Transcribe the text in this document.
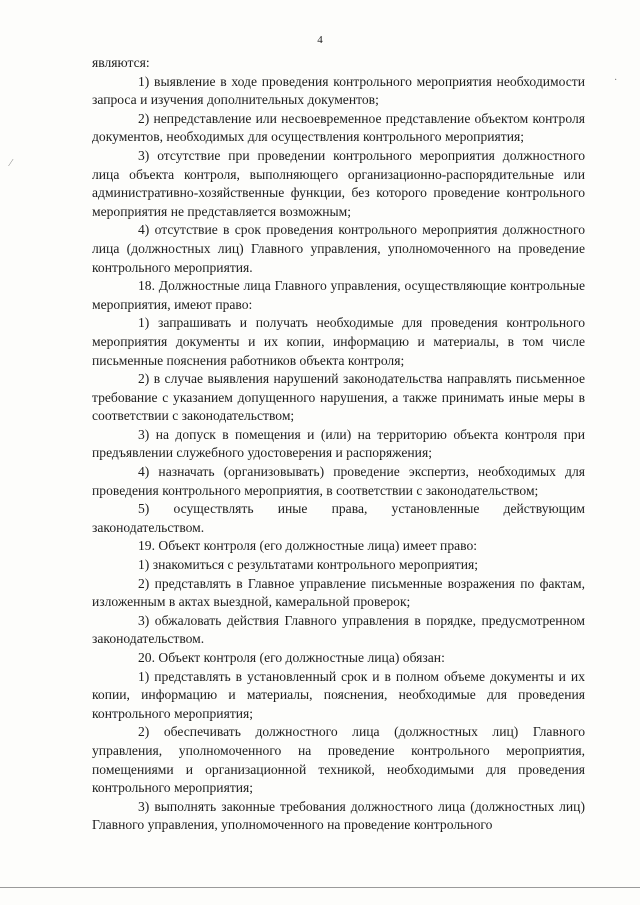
4

являются:

1) выявление в ходе проведения контрольного мероприятия необходимости запроса и изучения дополнительных документов;

2) непредставление или несвоевременное представление объектом контроля документов, необходимых для осуществления контрольного мероприятия;

3) отсутствие при проведении контрольного мероприятия должностного лица объекта контроля, выполняющего организационно-распорядительные или административно-хозяйственные функции, без которого проведение контрольного мероприятия не представляется возможным;

4) отсутствие в срок проведения контрольного мероприятия должностного лица (должностных лиц) Главного управления, уполномоченного на проведение контрольного мероприятия.

18. Должностные лица Главного управления, осуществляющие контрольные мероприятия, имеют право:

1) запрашивать и получать необходимые для проведения контрольного мероприятия документы и их копии, информацию и материалы, в том числе письменные пояснения работников объекта контроля;

2) в случае выявления нарушений законодательства направлять письменное требование с указанием допущенного нарушения, а также принимать иные меры в соответствии с законодательством;

3) на допуск в помещения и (или) на территорию объекта контроля при предъявлении служебного удостоверения и распоряжения;

4) назначать (организовывать) проведение экспертиз, необходимых для проведения контрольного мероприятия, в соответствии с законодательством;

5) осуществлять иные права, установленные действующим законодательством.

19. Объект контроля (его должностные лица) имеет право:

1) знакомиться с результатами контрольного мероприятия;

2) представлять в Главное управление письменные возражения по фактам, изложенным в актах выездной, камеральной проверок;

3) обжаловать действия Главного управления в порядке, предусмотренном законодательством.

20. Объект контроля (его должностные лица) обязан:

1) представлять в установленный срок и в полном объеме документы и их копии, информацию и материалы, пояснения, необходимые для проведения контрольного мероприятия;

2) обеспечивать должностного лица (должностных лиц) Главного управления, уполномоченного на проведение контрольного мероприятия, помещениями и организационной техникой, необходимыми для проведения контрольного мероприятия;

3) выполнять законные требования должностного лица (должностных лиц) Главного управления, уполномоченного на проведение контрольного

⁄
·
